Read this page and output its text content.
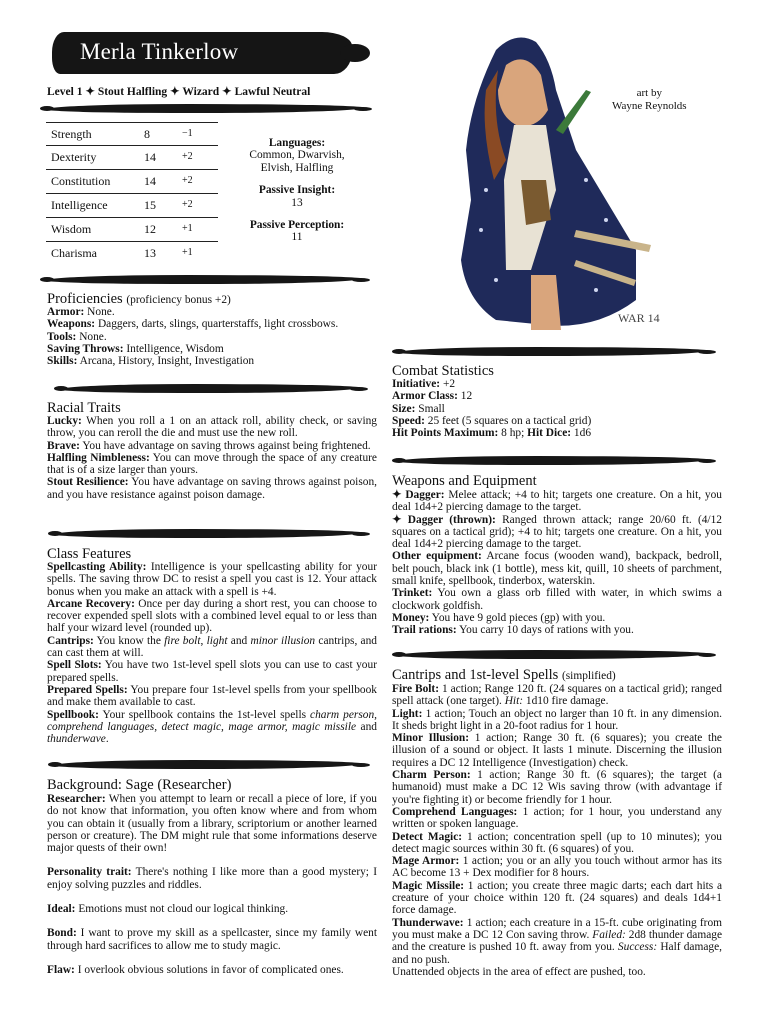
Merla Tinkerlow
Level 1 ✦ Stout Halfling ✦ Wizard ✦ Lawful Neutral
Strength	8	−1
Dexterity	14	+2
Constitution	14	+2
Intelligence	15	+2
Wisdom	12	+1
Charisma	13	+1
Languages:
Common, Dwarvish,
Elvish, Halfling
Passive Insight:
13
Passive Perception:
11
Proficiencies (proficiency bonus +2)

Armor: None.

Weapons: Daggers, darts, slings, quarterstaffs, light crossbows.

Tools: None.

Saving Throws: Intelligence, Wisdom

Skills: Arcana, History, Insight, Investigation

Racial Traits

Lucky: When you roll a 1 on an attack roll, ability check, or saving throw, you can reroll the die and must use the new roll.

Brave: You have advantage on saving throws against being frightened.

Halfling Nimbleness: You can move through the space of any creature that is of a size larger than yours.

Stout Resilience: You have advantage on saving throws against poison, and you have resistance against poison damage.

Class Features

Spellcasting Ability: Intelligence is your spellcasting ability for your spells. The saving throw DC to resist a spell you cast is 12. Your attack bonus when you make an attack with a spell is +4.

Arcane Recovery: Once per day during a short rest, you can choose to recover expended spell slots with a combined level equal to or less than half your wizard level (rounded up).

Cantrips: You know the fire bolt, light and minor illusion cantrips, and can cast them at will.

Spell Slots: You have two 1st-level spell slots you can use to cast your prepared spells.

Prepared Spells: You prepare four 1st-level spells from your spellbook and make them available to cast.

Spellbook: Your spellbook contains the 1st-level spells charm person, comprehend languages, detect magic, mage armor, magic missile and thunderwave.

Background: Sage (Researcher)

Researcher: When you attempt to learn or recall a piece of lore, if you do not know that information, you often know where and from whom you can obtain it (usually from a library, scriptorium or another learned person or creature). The DM might rule that some informations deserve major quests of their own!

Personality trait: There's nothing I like more than a good mystery; I enjoy solving puzzles and riddles.

Ideal: Emotions must not cloud our logical thinking.

Bond: I want to prove my skill as a spellcaster, since my family went through hard sacrifices to allow me to study magic.

Flaw: I overlook obvious solutions in favor of complicated ones.

WAR 14
art by
Wayne Reynolds
Combat Statistics

Initiative: +2

Armor Class: 12

Size: Small

Speed: 25 feet (5 squares on a tactical grid)

Hit Points Maximum: 8 hp; Hit Dice: 1d6

Weapons and Equipment

✦ Dagger: Melee attack; +4 to hit; targets one creature. On a hit, you deal 1d4+2 piercing damage to the target.

✦ Dagger (thrown): Ranged thrown attack; range 20/60 ft. (4/12 squares on a tactical grid); +4 to hit; targets one creature. On a hit, you deal 1d4+2 piercing damage to the target.

Other equipment: Arcane focus (wooden wand), backpack, bedroll, belt pouch, black ink (1 bottle), mess kit, quill, 10 sheets of parchment, small knife, spellbook, tinderbox, waterskin.

Trinket: You own a glass orb filled with water, in which swims a clockwork goldfish.

Money: You have 9 gold pieces (gp) with you.

Trail rations: You carry 10 days of rations with you.

Cantrips and 1st-level Spells (simplified)

Fire Bolt: 1 action; Range 120 ft. (24 squares on a tactical grid); ranged spell attack (one target). Hit: 1d10 fire damage.

Light: 1 action; Touch an object no larger than 10 ft. in any dimension. It sheds bright light in a 20-foot radius for 1 hour.

Minor Illusion: 1 action; Range 30 ft. (6 squares); you create the illusion of a sound or object. It lasts 1 minute. Discerning the illusion requires a DC 12 Intelligence (Investigation) check.

Charm Person: 1 action; Range 30 ft. (6 squares); the target (a humanoid) must make a DC 12 Wis saving throw (with advantage if you're fighting it) or become friendly for 1 hour.

Comprehend Languages: 1 action; for 1 hour, you understand any written or spoken language.

Detect Magic: 1 action; concentration spell (up to 10 minutes); you detect magic sources within 30 ft. (6 squares) of you.

Mage Armor: 1 action; you or an ally you touch without armor has its AC become 13 + Dex modifier for 8 hours.

Magic Missile: 1 action; you create three magic darts; each dart hits a creature of your choice within 120 ft. (24 squares) and deals 1d4+1 force damage.

Thunderwave: 1 action; each creature in a 15-ft. cube originating from you must make a DC 12 Con saving throw. Failed: 2d8 thunder damage and the creature is pushed 10 ft. away from you. Success: Half damage, and no push.

Unattended objects in the area of effect are pushed, too.
